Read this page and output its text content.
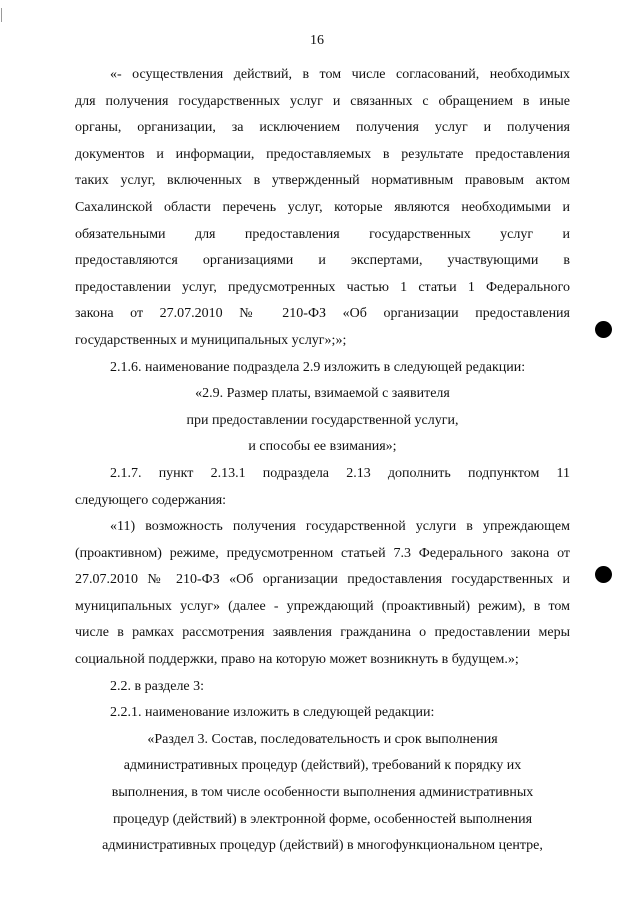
16

«- осуществления действий, в том числе согласований, необходимых

для получения государственных услуг и связанных с обращением в иные

органы, организации, за исключением получения услуг и получения

документов и информации, предоставляемых в результате предоставления

таких услуг, включенных в утвержденный нормативным правовым актом

Сахалинской области перечень услуг, которые являются необходимыми и

обязательными для предоставления государственных услуг и

предоставляются организациями и экспертами, участвующими в

предоставлении услуг, предусмотренных частью 1 статьи 1 Федерального

закона от 27.07.2010 № 210-ФЗ «Об организации предоставления

государственных и муниципальных услуг»;»;

2.1.6. наименование подраздела 2.9 изложить в следующей редакции:

«2.9. Размер платы, взимаемой с заявителя

при предоставлении государственной услуги,

и способы ее взимания»;

2.1.7. пункт 2.13.1 подраздела 2.13 дополнить подпунктом 11

следующего содержания:

«11) возможность получения государственной услуги в упреждающем

(проактивном) режиме, предусмотренном статьей 7.3 Федерального закона от

27.07.2010 № 210-ФЗ «Об организации предоставления государственных и

муниципальных услуг» (далее - упреждающий (проактивный) режим), в том

числе в рамках рассмотрения заявления гражданина о предоставлении меры

социальной поддержки, право на которую может возникнуть в будущем.»;

2.2. в разделе 3:

2.2.1. наименование изложить в следующей редакции:

«Раздел 3. Состав, последовательность и срок выполнения

административных процедур (действий), требований к порядку их

выполнения, в том числе особенности выполнения административных

процедур (действий) в электронной форме, особенностей выполнения

административных процедур (действий) в многофункциональном центре,
